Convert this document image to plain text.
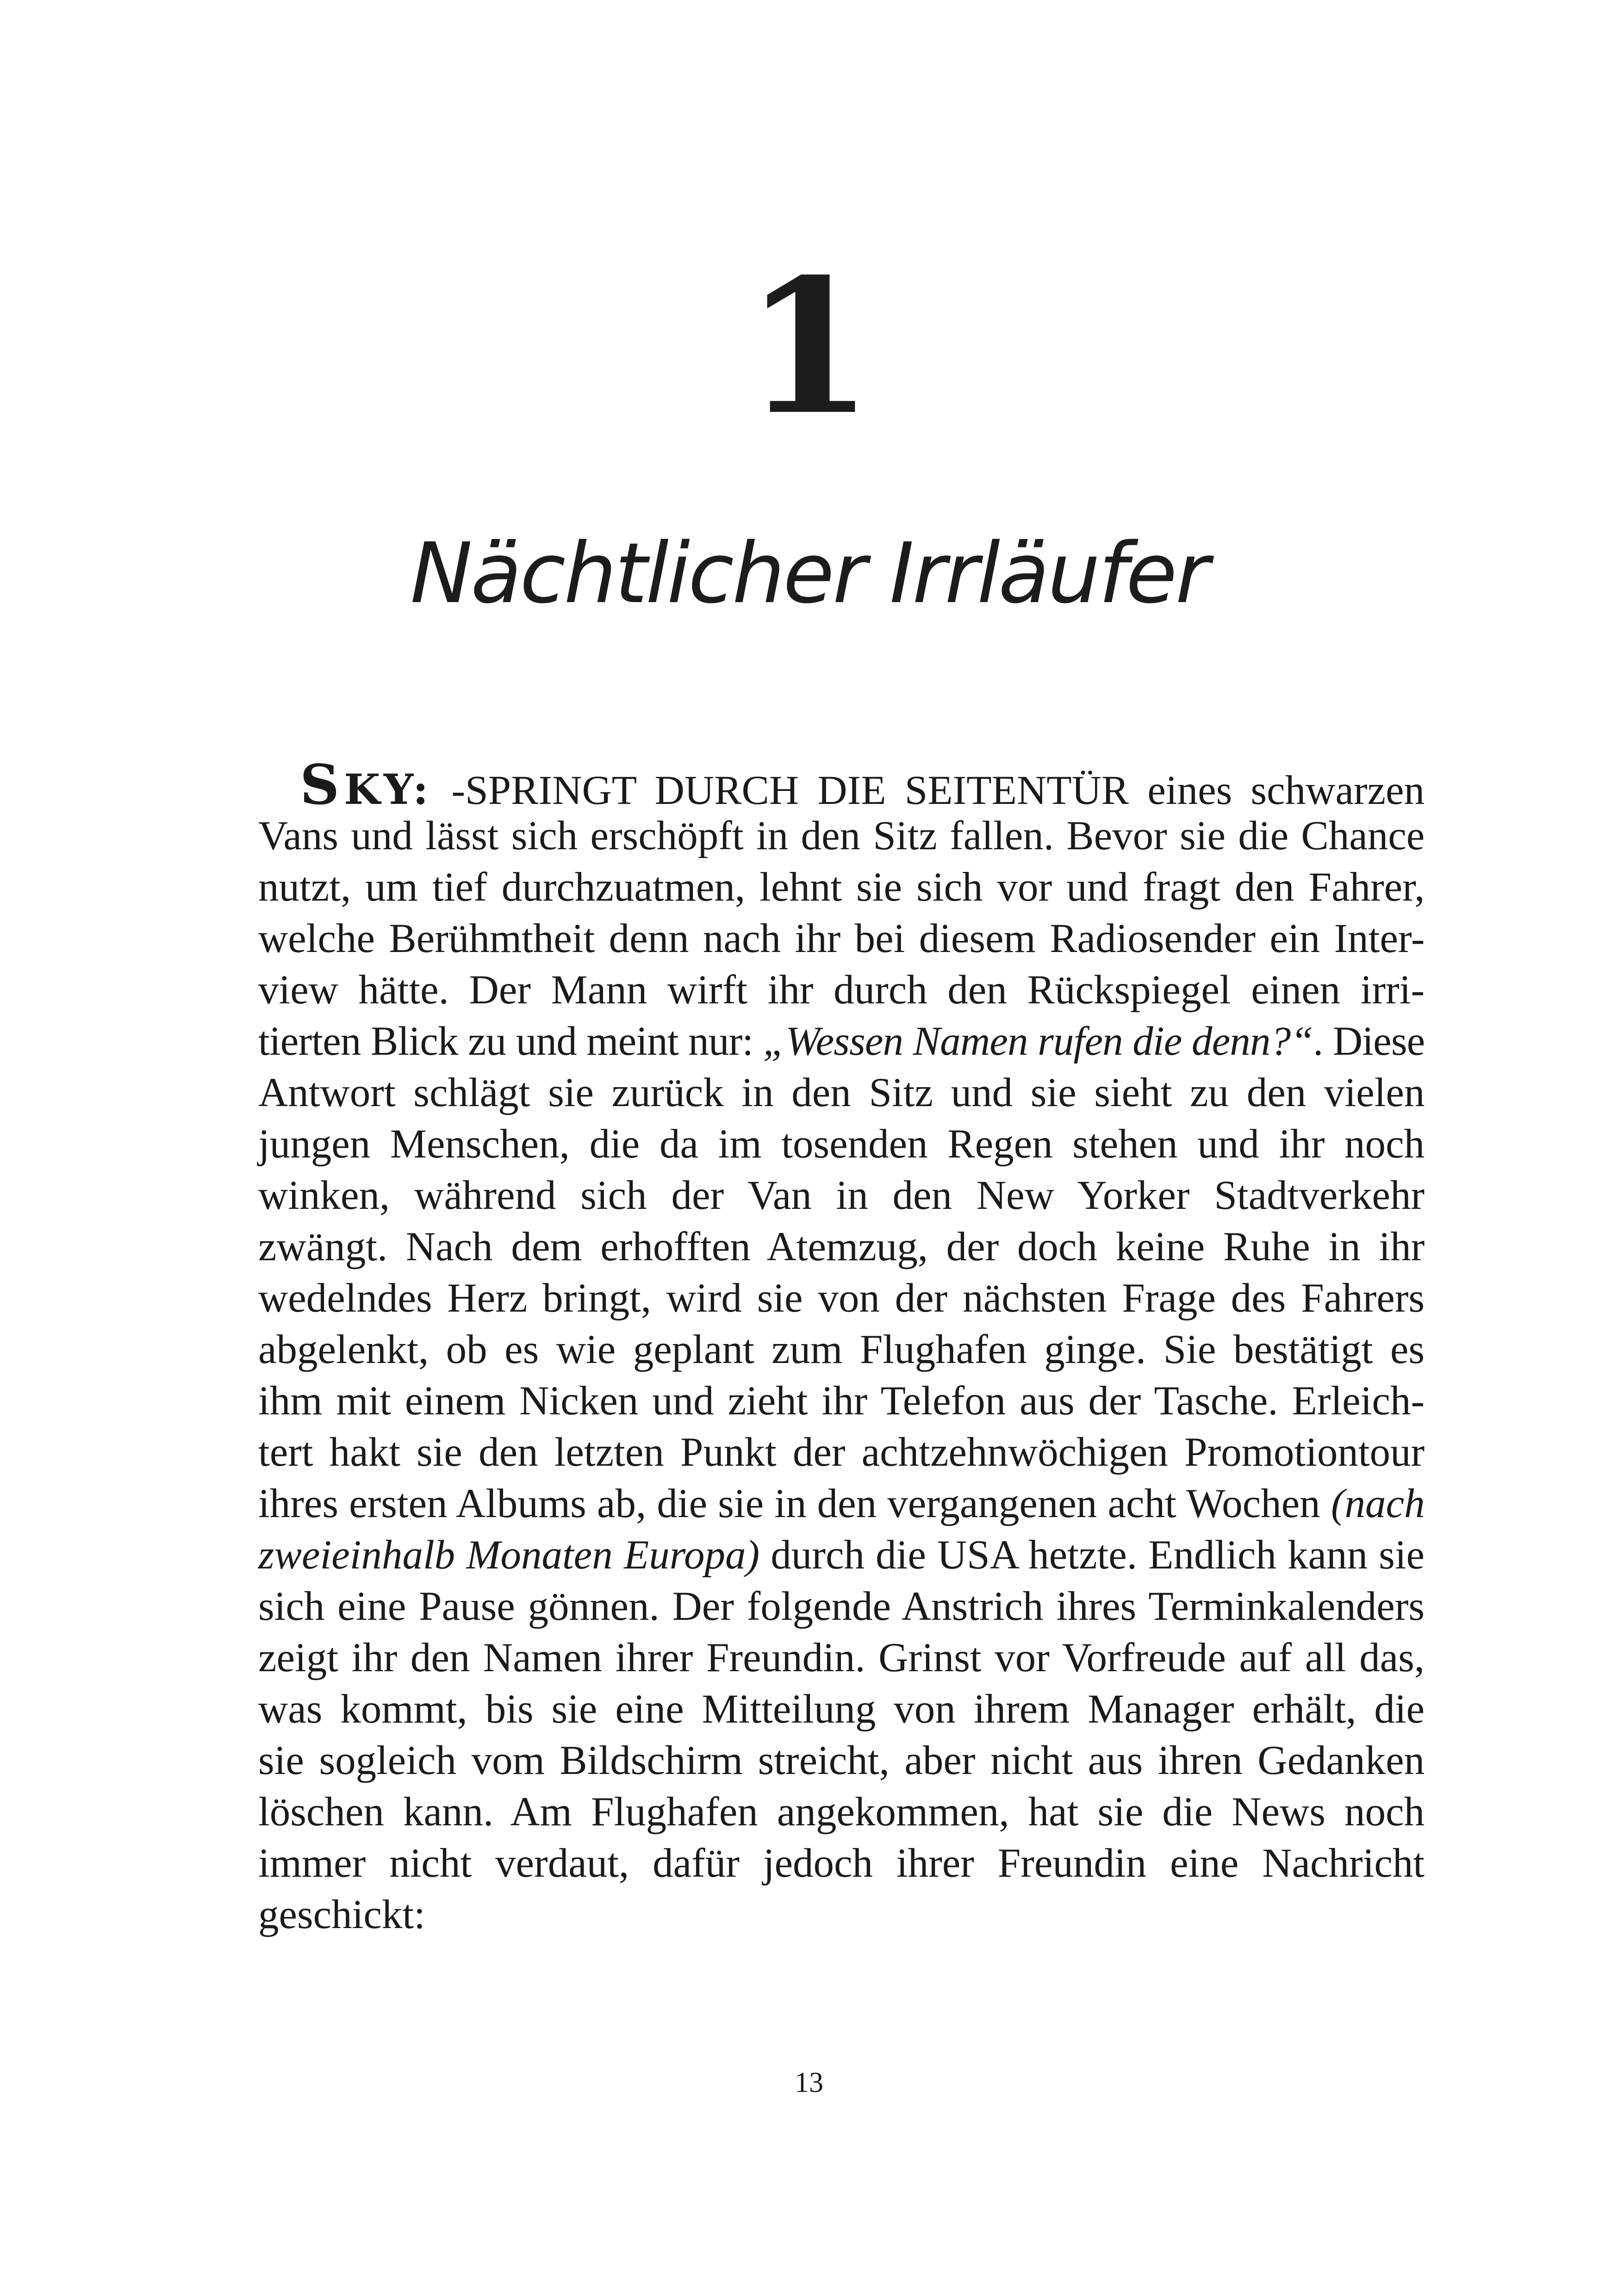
1
Nächtlicher Irrläufer
SKY: -SPRINGT DURCH DIE SEITENTÜR eines schwarzen
Vans und lässt sich erschöpft in den Sitz fallen. Bevor sie die Chance
nutzt, um tief durchzuatmen, lehnt sie sich vor und fragt den Fahrer,
welche Berühmtheit denn nach ihr bei diesem Radiosender ein Inter-
view hätte. Der Mann wirft ihr durch den Rückspiegel einen irri-
tierten Blick zu und meint nur: „Wessen Namen rufen die denn?“. Diese
Antwort schlägt sie zurück in den Sitz und sie sieht zu den vielen
jungen Menschen, die da im tosenden Regen stehen und ihr noch
winken, während sich der Van in den New Yorker Stadtverkehr
zwängt. Nach dem erhofften Atemzug, der doch keine Ruhe in ihr
wedelndes Herz bringt, wird sie von der nächsten Frage des Fahrers
abgelenkt, ob es wie geplant zum Flughafen ginge. Sie bestätigt es
ihm mit einem Nicken und zieht ihr Telefon aus der Tasche. Erleich-
tert hakt sie den letzten Punkt der achtzehnwöchigen Promotiontour
ihres ersten Albums ab, die sie in den vergangenen acht Wochen (nach
zweieinhalb Monaten Europa) durch die USA hetzte. Endlich kann sie
sich eine Pause gönnen. Der folgende Anstrich ihres Terminkalenders
zeigt ihr den Namen ihrer Freundin. Grinst vor Vorfreude auf all das,
was kommt, bis sie eine Mitteilung von ihrem Manager erhält, die
sie sogleich vom Bildschirm streicht, aber nicht aus ihren Gedanken
löschen kann. Am Flughafen angekommen, hat sie die News noch
immer nicht verdaut, dafür jedoch ihrer Freundin eine Nachricht
geschickt:
13
